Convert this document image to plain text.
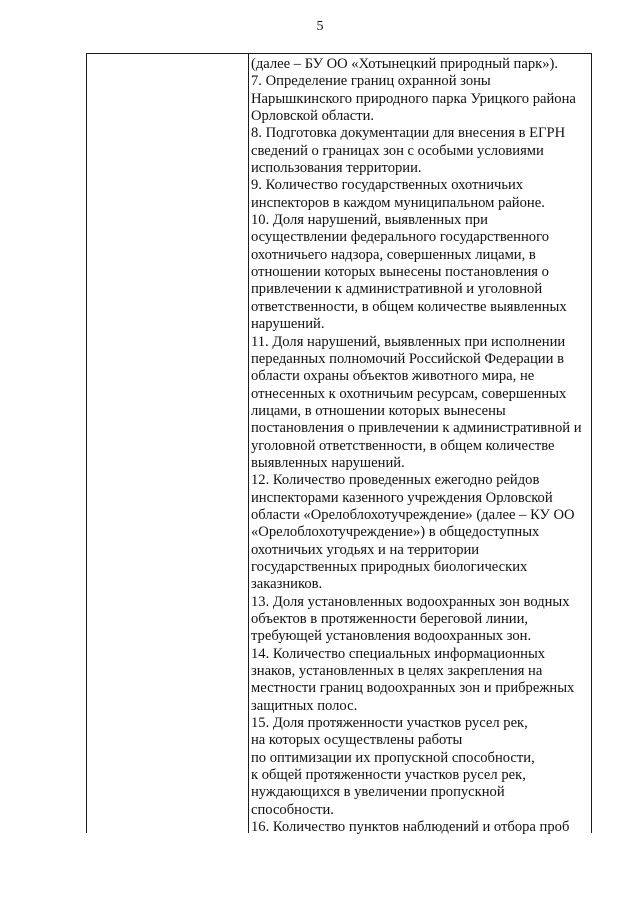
5
(далее – БУ ОО «Хотынецкий природный парк»).
7. Определение границ охранной зоны
Нарышкинского природного парка Урицкого района
Орловской области.
8. Подготовка документации для внесения в ЕГРН
сведений о границах зон с особыми условиями
использования территории.
9. Количество государственных охотничьих
инспекторов в каждом муниципальном районе.
10. Доля нарушений, выявленных при
осуществлении федерального государственного
охотничьего надзора, совершенных лицами, в
отношении которых вынесены постановления о
привлечении к административной и уголовной
ответственности, в общем количестве выявленных
нарушений.
11. Доля нарушений, выявленных при исполнении
переданных полномочий Российской Федерации в
области охраны объектов животного мира, не
отнесенных к охотничьим ресурсам, совершенных
лицами, в отношении которых вынесены
постановления о привлечении к административной и
уголовной ответственности, в общем количестве
выявленных нарушений.
12. Количество проведенных ежегодно рейдов
инспекторами казенного учреждения Орловской
области «Орелоблохотучреждение» (далее – КУ ОО
«Орелоблохотучреждение») в общедоступных
охотничьих угодьях и на территории
государственных природных биологических
заказников.
13. Доля установленных водоохранных зон водных
объектов в протяженности береговой линии,
требующей установления водоохранных зон.
14. Количество специальных информационных
знаков, установленных в целях закрепления на
местности границ водоохранных зон и прибрежных
защитных полос.
15. Доля протяженности участков русел рек,
на которых осуществлены работы
по оптимизации их пропускной способности,
к общей протяженности участков русел рек,
нуждающихся в увеличении пропускной
способности.
16. Количество пунктов наблюдений и отбора проб
